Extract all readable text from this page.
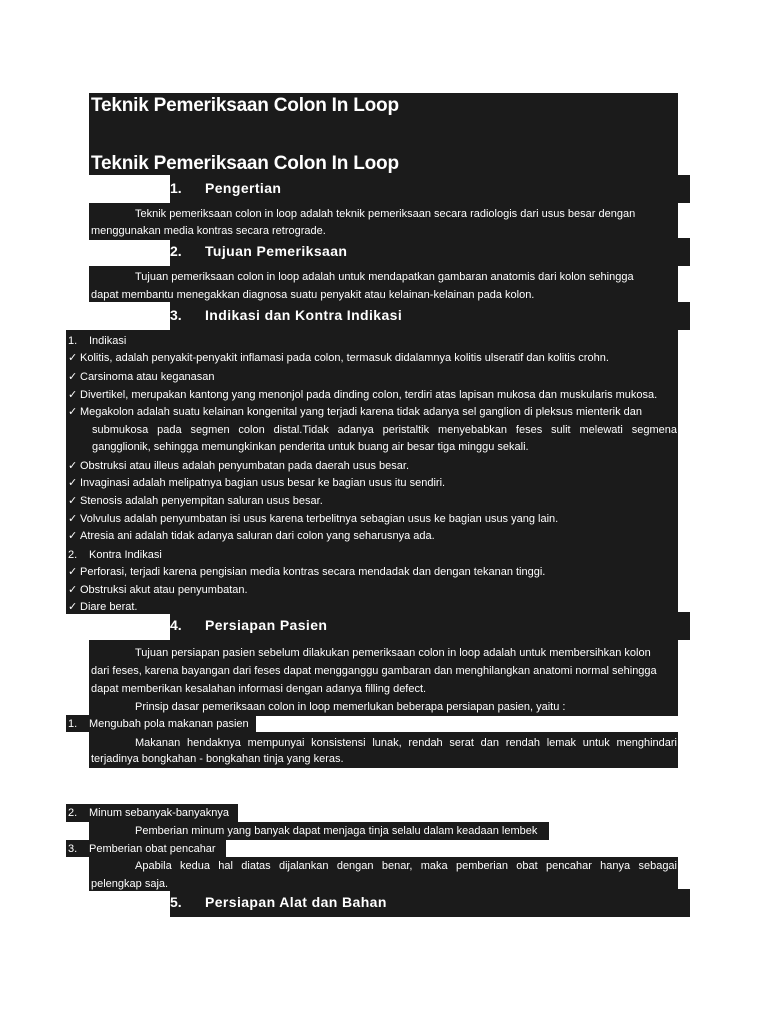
Teknik Pemeriksaan Colon In Loop
Teknik Pemeriksaan Colon In Loop
1. Pengertian
Teknik pemeriksaan colon in loop adalah teknik pemeriksaan secara radiologis dari usus besar dengan
menggunakan media kontras secara retrograde.
2. Tujuan Pemeriksaan
Tujuan pemeriksaan colon in loop adalah untuk mendapatkan gambaran anatomis dari kolon sehingga
dapat membantu menegakkan diagnosa suatu penyakit atau kelainan-kelainan pada kolon.
3. Indikasi dan Kontra Indikasi
1. Indikasi
✓ Kolitis, adalah penyakit-penyakit inflamasi pada colon, termasuk didalamnya kolitis ulseratif dan kolitis crohn.
✓ Carsinoma atau keganasan
✓ Divertikel, merupakan kantong yang menonjol pada dinding colon, terdiri atas lapisan mukosa dan muskularis mukosa.
✓ Megakolon adalah suatu kelainan kongenital yang terjadi karena tidak adanya sel ganglion di pleksus mienterik dan
submukosa pada segmen colon distal.Tidak adanya peristaltik menyebabkan feses sulit melewati segmena
gangglionik, sehingga memungkinkan penderita untuk buang air besar tiga minggu sekali.
✓ Obstruksi atau illeus adalah penyumbatan pada daerah usus besar.
✓ Invaginasi adalah melipatnya bagian usus besar ke bagian usus itu sendiri.
✓ Stenosis adalah penyempitan saluran usus besar.
✓ Volvulus adalah penyumbatan isi usus karena terbelitnya sebagian usus ke bagian usus yang lain.
✓ Atresia ani adalah tidak adanya saluran dari colon yang seharusnya ada.
2. Kontra Indikasi
✓ Perforasi, terjadi karena pengisian media kontras secara mendadak dan dengan tekanan tinggi.
✓ Obstruksi akut atau penyumbatan.
✓ Diare berat.
4. Persiapan Pasien
Tujuan persiapan pasien sebelum dilakukan pemeriksaan colon in loop adalah untuk membersihkan kolon
dari feses, karena bayangan dari feses dapat mengganggu gambaran dan menghilangkan anatomi normal sehingga
dapat memberikan kesalahan informasi dengan adanya filling defect.
Prinsip dasar pemeriksaan colon in loop memerlukan beberapa persiapan pasien, yaitu :
1. Mengubah pola makanan pasien
Makanan hendaknya mempunyai konsistensi lunak, rendah serat dan rendah lemak untuk menghindari
terjadinya bongkahan - bongkahan tinja yang keras.
2. Minum sebanyak-banyaknya
Pemberian minum yang banyak dapat menjaga tinja selalu dalam keadaan lembek
3. Pemberian obat pencahar
Apabila kedua hal diatas dijalankan dengan benar, maka pemberian obat pencahar hanya sebagai
pelengkap saja.
5. Persiapan Alat dan Bahan
